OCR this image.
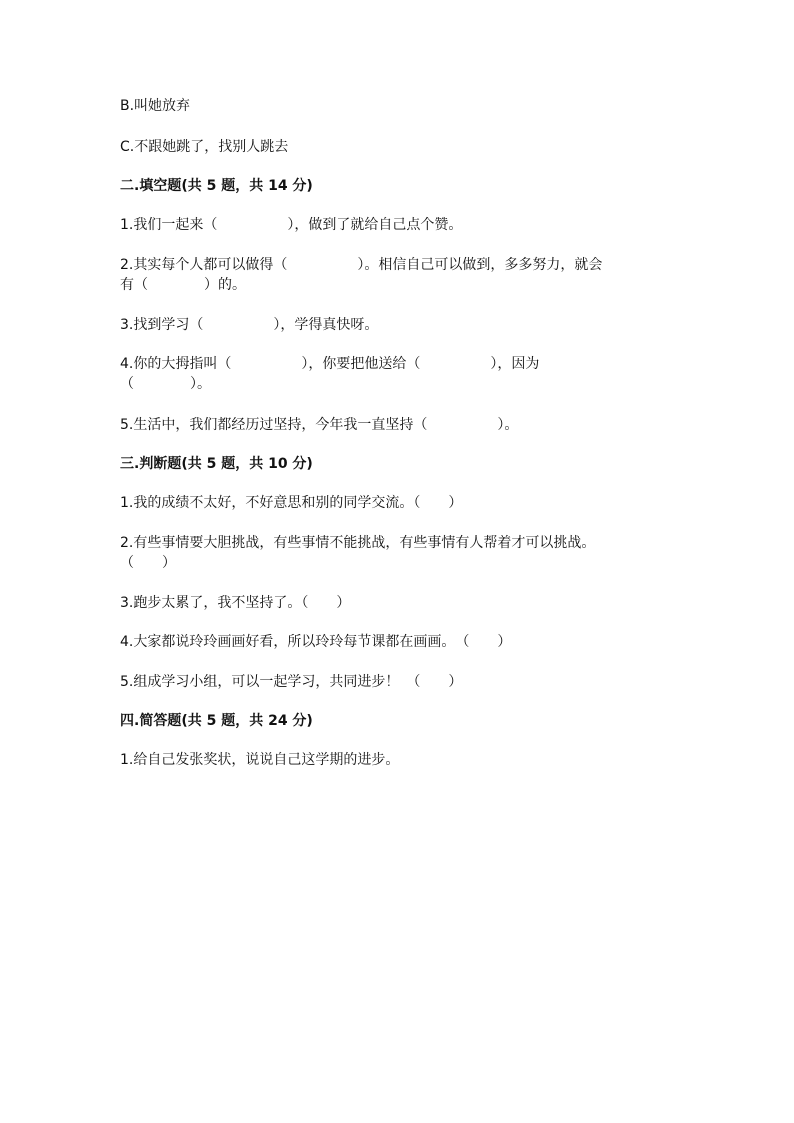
B.叫她放弃
C.不跟她跳了，找别人跳去
二.填空题(共 5 题，共 14 分)
1.我们一起来（　　　　　），做到了就给自己点个赞。
2.其实每个人都可以做得（　　　　　）。相信自己可以做到，多多努力，就会
有（　　　　）的。
3.找到学习（　　　　　），学得真快呀。
4.你的大拇指叫（　　　　　），你要把他送给（　　　　　），因为
（　　　　）。
5.生活中，我们都经历过坚持，今年我一直坚持（　　　　　）。
三.判断题(共 5 题，共 10 分)
1.我的成绩不太好，不好意思和别的同学交流。（　　）
2.有些事情要大胆挑战，有些事情不能挑战，有些事情有人帮着才可以挑战。
（　　）
3.跑步太累了，我不坚持了。（　　）
4.大家都说玲玲画画好看，所以玲玲每节课都在画画。　（　　）
5.组成学习小组，可以一起学习，共同进步！　（　　）
四.简答题(共 5 题，共 24 分)
1.给自己发张奖状，说说自己这学期的进步。
